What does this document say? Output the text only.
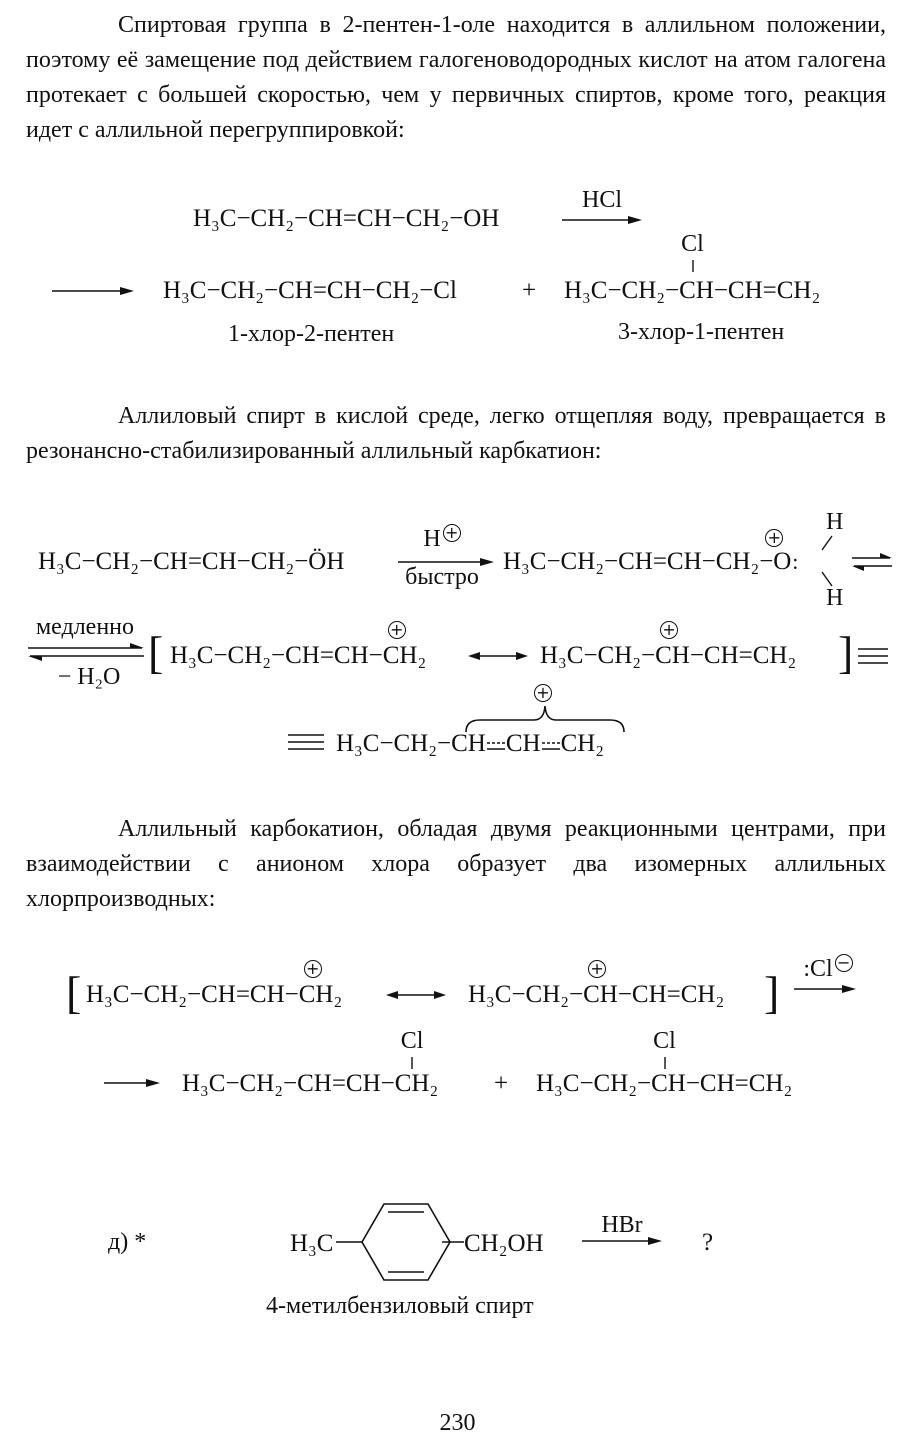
Спиртовая группа в 2-пентен-1-оле находится в аллильном положении, поэтому её замещение под действием галогеноводородных кислот на атом галогена протекает с большей скоростью, чем у первичных спиртов, кроме того, реакция идет с аллильной перегруппировкой:

H₃C−CH₂−CH=CH−CH₂−OH
HCl
H₃C−CH₂−CH=CH−CH₂−Cl	+ H₃C−CH₂−CH
Cl
−CH=CH₂
1-хлор-2-пентен	3-хлор-1-пентен

Аллиловый спирт в кислой среде, легко отщепляя воду, превращается в резонансно-стабилизированный аллильный карбкатион:

H₃C−CH₂−CH=CH−CH₂−ÖH
H +
быстро
H₃C−CH₂−CH=CH−CH₂−O :
+
H
H
медленно
− H₂O [ H₃C−CH₂−CH=CH−CH₂
+
H₃C−CH₂−CH
+
−CH=CH₂ ]
H₃C−CH₂−CH CH CH₂
+

Аллильный карбокатион, обладая двумя реакционными центрами, при взаимодействии с анионом хлора образует два изомерных аллильных хлорпроизводных:

[ H₃C−CH₂−CH=CH−CH₂
+
H₃C−CH₂−CH
+
−CH=CH₂ ]	:Cl −
H₃C−CH₂−CH=CH−CH₂
Cl
+ H₃C−CH₂−CH
Cl
−CH=CH₂
д) *	H₃C	CH₂OH
HBr
?
4-метилбензиловый спирт
230
